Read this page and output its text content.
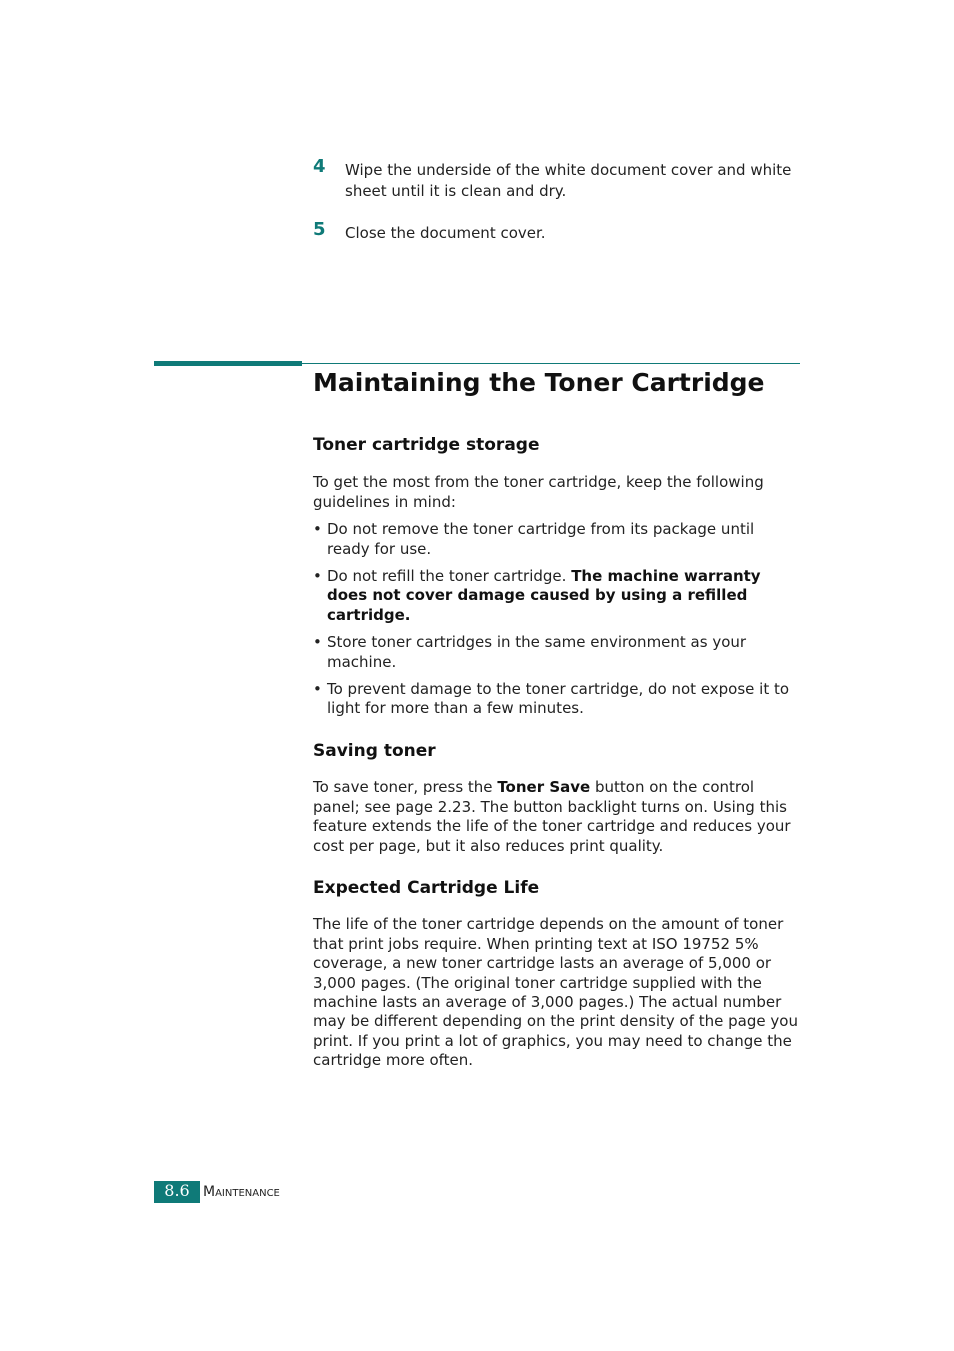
4 Wipe the underside of the white document cover and white sheet until it is clean and dry.

5 Close the document cover.

Maintaining the Toner Cartridge
Toner cartridge storage

To get the most from the toner cartridge, keep the following guidelines in mind:

• Do not remove the toner cartridge from its package until ready for use.
• Do not refill the toner cartridge. The machine warranty does not cover damage caused by using a refilled cartridge.
• Store toner cartridges in the same environment as your machine.
• To prevent damage to the toner cartridge, do not expose it to light for more than a few minutes.
Saving toner

To save toner, press the Toner Save button on the control panel; see page 2.23. The button backlight turns on. Using this feature extends the life of the toner cartridge and reduces your cost per page, but it also reduces print quality.

Expected Cartridge Life

The life of the toner cartridge depends on the amount of toner that print jobs require. When printing text at ISO 19752 5% coverage, a new toner cartridge lasts an average of 5,000 or 3,000 pages. (The original toner cartridge supplied with the machine lasts an average of 3,000 pages.) The actual number may be different depending on the print density of the page you print. If you print a lot of graphics, you may need to change the cartridge more often.

8.6 Maintenance
